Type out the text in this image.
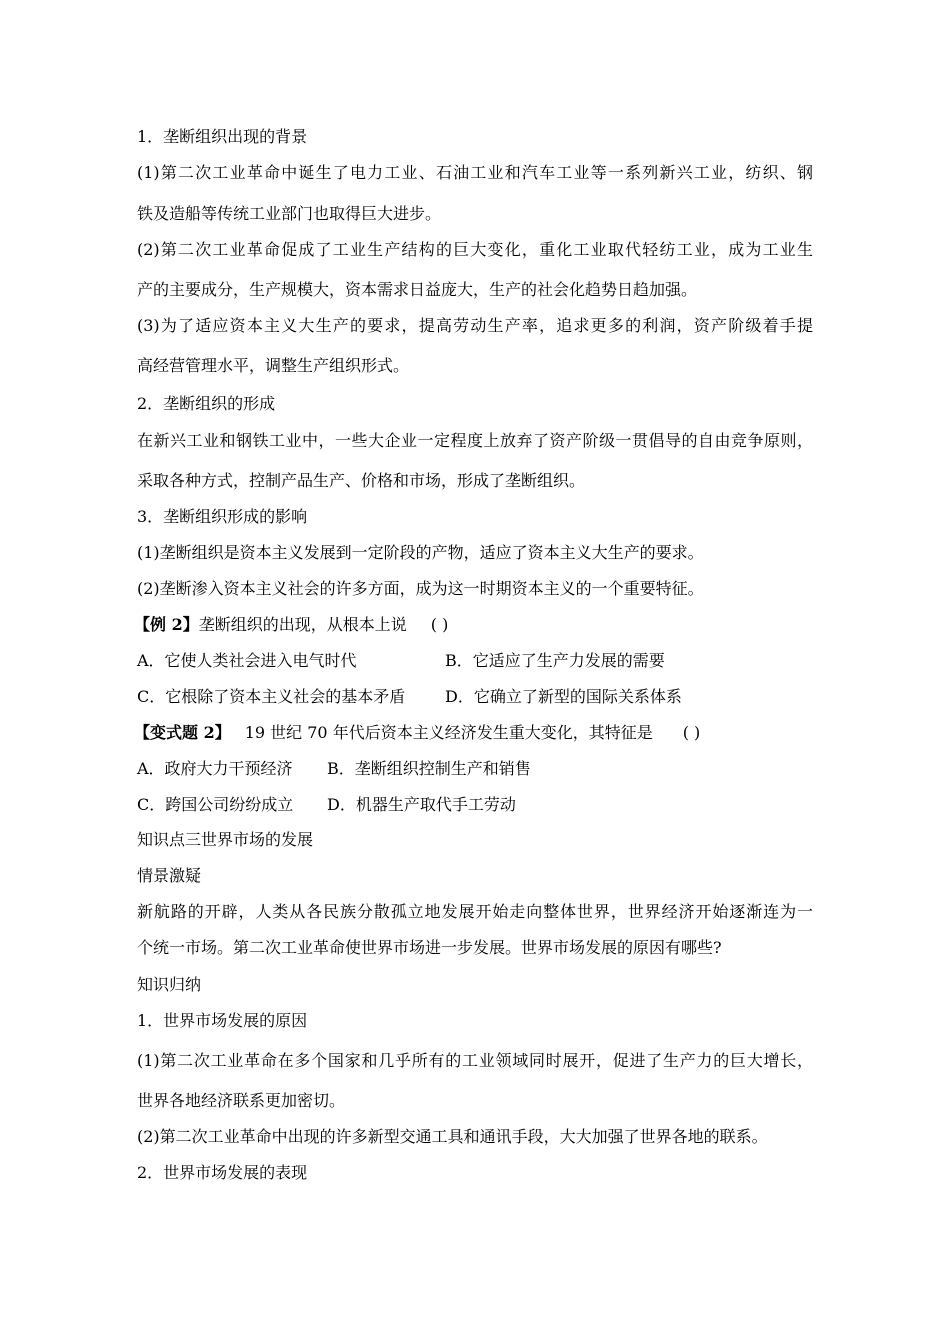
1．垄断组织出现的背景
(1)第二次工业革命中诞生了电力工业、石油工业和汽车工业等一系列新兴工业，纺织、钢
铁及造船等传统工业部门也取得巨大进步。
(2)第二次工业革命促成了工业生产结构的巨大变化，重化工业取代轻纺工业，成为工业生
产的主要成分，生产规模大，资本需求日益庞大，生产的社会化趋势日趋加强。
(3)为了适应资本主义大生产的要求，提高劳动生产率，追求更多的利润，资产阶级着手提
高经营管理水平，调整生产组织形式。
2．垄断组织的形成
在新兴工业和钢铁工业中，一些大企业一定程度上放弃了资产阶级一贯倡导的自由竞争原则，
采取各种方式，控制产品生产、价格和市场，形成了垄断组织。
3．垄断组织形成的影响
(1)垄断组织是资本主义发展到一定阶段的产物，适应了资本主义大生产的要求。
(2)垄断渗入资本主义社会的许多方面，成为这一时期资本主义的一个重要特征。
【例 2】垄断组织的出现，从根本上说 ( )
A．它使人类社会进入电气时代	B．它适应了生产力发展的需要
C．它根除了资本主义社会的基本矛盾 D．它确立了新型的国际关系体系
【变式题 2】 19 世纪 70 年代后资本主义经济发生重大变化，其特征是 ( )
A．政府大力干预经济 B．垄断组织控制生产和销售
C．跨国公司纷纷成立 D．机器生产取代手工劳动
知识点三世界市场的发展
情景激疑
新航路的开辟，人类从各民族分散孤立地发展开始走向整体世界，世界经济开始逐渐连为一
个统一市场。第二次工业革命使世界市场进一步发展。世界市场发展的原因有哪些?
知识归纳
1．世界市场发展的原因
(1)第二次工业革命在多个国家和几乎所有的工业领域同时展开，促进了生产力的巨大增长，
世界各地经济联系更加密切。
(2)第二次工业革命中出现的许多新型交通工具和通讯手段，大大加强了世界各地的联系。
2．世界市场发展的表现
